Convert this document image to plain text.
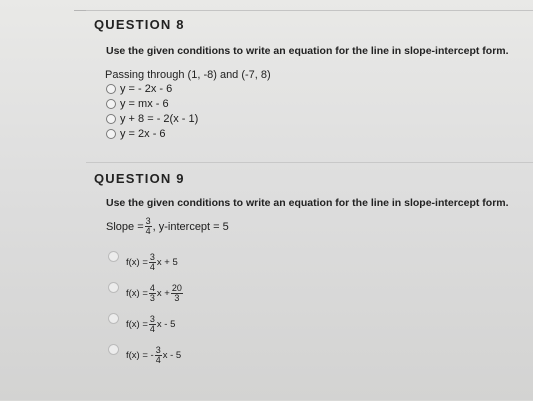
QUESTION 8
Use the given conditions to write an equation for the line in slope-intercept form.
Passing through (1, -8) and (-7, 8)
y = - 2x - 6
y = mx - 6
y + 8 = - 2(x - 1)
y = 2x - 6
QUESTION 9
Use the given conditions to write an equation for the line in slope-intercept form.
Slope = $\frac{3}{4}$ , y-intercept = 5
$f(x) = \frac{3}{4}$ x + 5
$f(x) = \frac{4}{3}$ $x + \frac{20}{3}$
$f(x) = \frac{3}{4}$ x - 5
f(x) = - $\frac{3}{4}$ x - 5
